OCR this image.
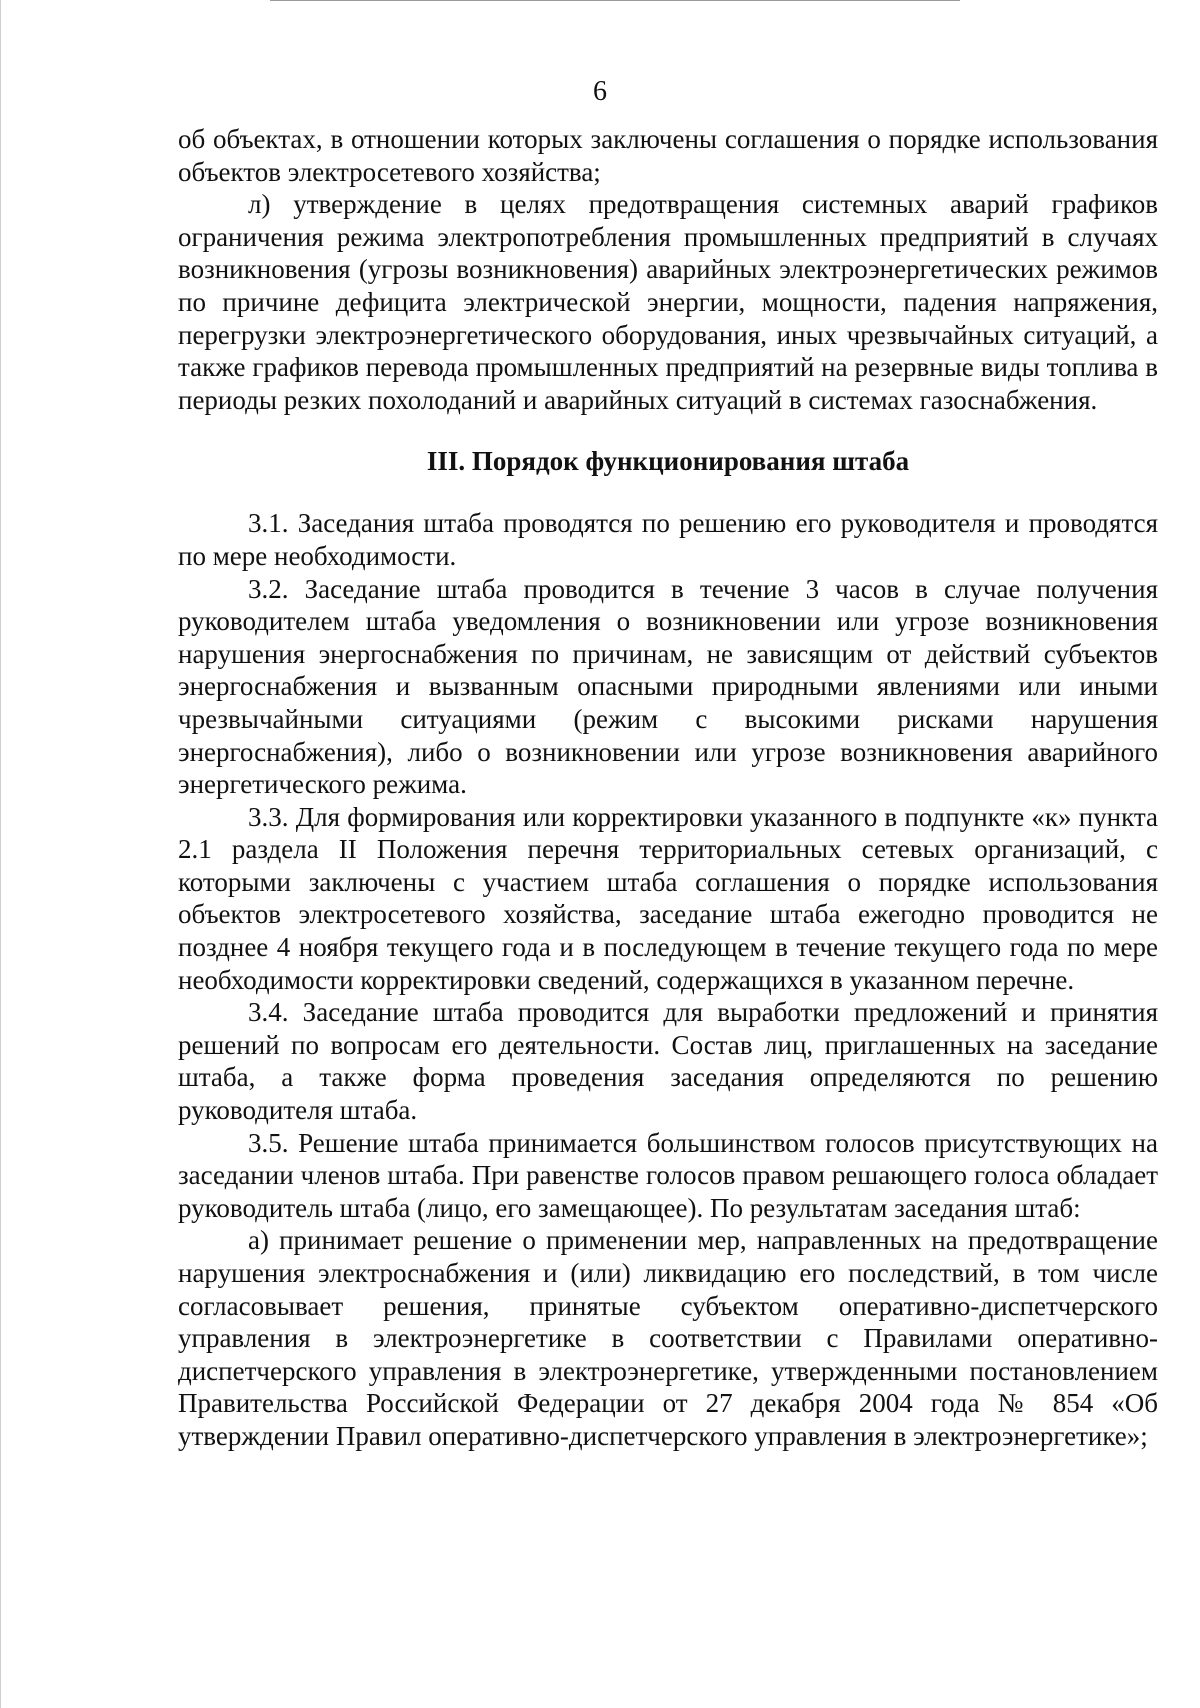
6

об объектах, в отношении которых заключены соглашения о порядке использования объектов электросетевого хозяйства;

л) утверждение в целях предотвращения системных аварий графиков ограничения режима электропотребления промышленных предприятий в случаях возникновения (угрозы возникновения) аварийных электроэнергетических режимов по причине дефицита электрической энергии, мощности, падения напряжения, перегрузки электроэнергетического оборудования, иных чрезвычайных ситуаций, а также графиков перевода промышленных предприятий на резервные виды топлива в периоды резких похолоданий и аварийных ситуаций в системах газоснабжения.

III. Порядок функционирования штаба

3.1. Заседания штаба проводятся по решению его руководителя и проводятся по мере необходимости.

3.2. Заседание штаба проводится в течение 3 часов в случае получения руководителем штаба уведомления о возникновении или угрозе возникновения нарушения энергоснабжения по причинам, не зависящим от действий субъектов энергоснабжения и вызванным опасными природными явлениями или иными чрезвычайными ситуациями (режим с высокими рисками нарушения энергоснабжения), либо о возникновении или угрозе возникновения аварийного энергетического режима.

3.3. Для формирования или корректировки указанного в подпункте «к» пункта 2.1 раздела II Положения перечня территориальных сетевых организаций, с которыми заключены с участием штаба соглашения о порядке использования объектов электросетевого хозяйства, заседание штаба ежегодно проводится не позднее 4 ноября текущего года и в последующем в течение текущего года по мере необходимости корректировки сведений, содержащихся в указанном перечне.

3.4. Заседание штаба проводится для выработки предложений и принятия решений по вопросам его деятельности. Состав лиц, приглашенных на заседание штаба, а также форма проведения заседания определяются по решению руководителя штаба.

3.5. Решение штаба принимается большинством голосов присутствующих на заседании членов штаба. При равенстве голосов правом решающего голоса обладает руководитель штаба (лицо, его замещающее). По результатам заседания штаб:

а) принимает решение о применении мер, направленных на предотвращение нарушения электроснабжения и (или) ликвидацию его последствий, в том числе согласовывает решения, принятые субъектом оперативно-диспетчерского управления в электроэнергетике в соответствии с Правилами оперативно-диспетчерского управления в электроэнергетике, утвержденными постановлением Правительства Российской Федерации от 27 декабря 2004 года № 854 «Об утверждении Правил оперативно-диспетчерского управления в электроэнергетике»;
